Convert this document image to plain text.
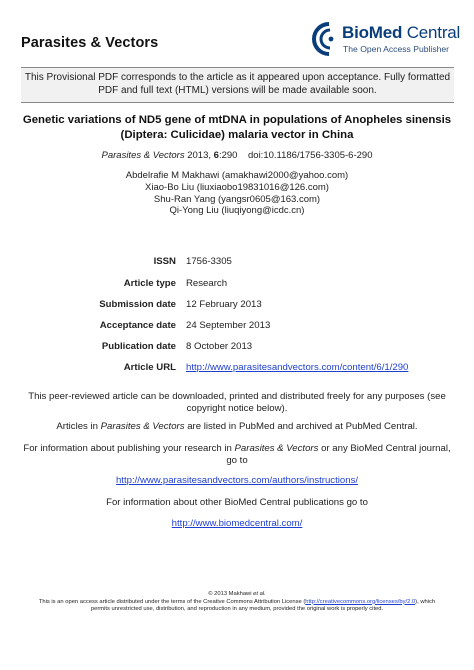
Parasites & Vectors
BioMed Central
The Open Access Publisher
This Provisional PDF corresponds to the article as it appeared upon acceptance. Fully formatted
PDF and full text (HTML) versions will be made available soon.
Genetic variations of ND5 gene of mtDNA in populations of Anopheles sinensis
(Diptera: Culicidae) malaria vector in China
Parasites & Vectors 2013, 6:290 doi:10.1186/1756-3305-6-290
Abdelrafie M Makhawi (amakhawi2000@yahoo.com)
Xiao-Bo Liu (liuxiaobo19831016@126.com)
Shu-Ran Yang (yangsr0605@163.com)
Qi-Yong Liu (liuqiyong@icdc.cn)
ISSN 1756-3305
Article type Research
Submission date 12 February 2013
Acceptance date 24 September 2013
Publication date 8 October 2013
Article URL http://www.parasitesandvectors.com/content/6/1/290
This peer-reviewed article can be downloaded, printed and distributed freely for any purposes (see
copyright notice below).
Articles in Parasites & Vectors are listed in PubMed and archived at PubMed Central.
For information about publishing your research in Parasites & Vectors or any BioMed Central journal,
go to
http://www.parasitesandvectors.com/authors/instructions/
For information about other BioMed Central publications go to
http://www.biomedcentral.com/
© 2013 Makhawi et al.
This is an open access article distributed under the terms of the Creative Commons Attribution License (http://creativecommons.org/licenses/by/2.0), which
permits unrestricted use, distribution, and reproduction in any medium, provided the original work is properly cited.
